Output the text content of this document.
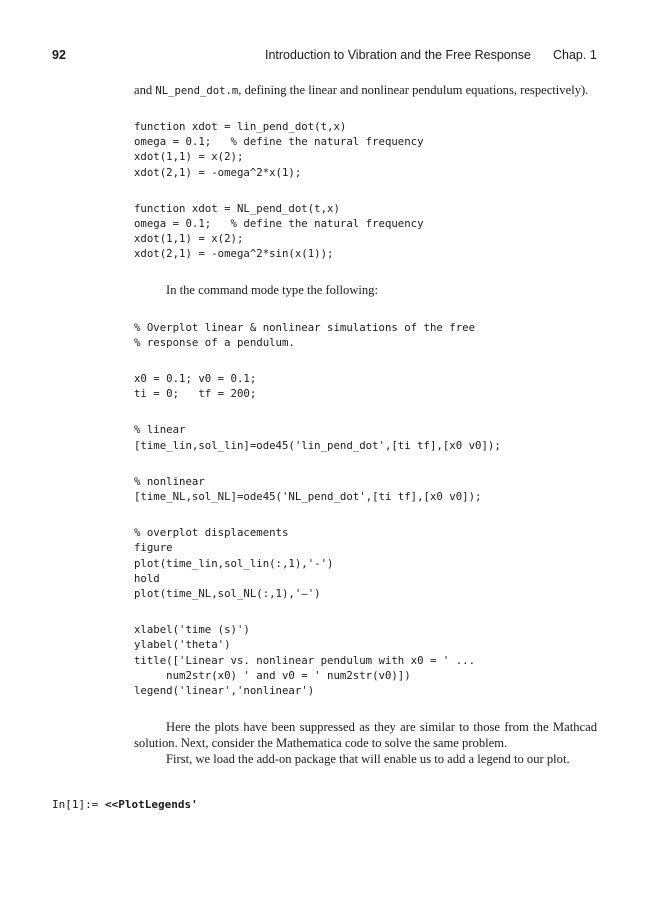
92	Introduction to Vibration and the Free Response Chap. 1

and NL_pend_dot.m, defining the linear and nonlinear pendulum equations, respectively).

function xdot = lin_pend_dot(t,x)
omega = 0.1;   % define the natural frequency
xdot(1,1) = x(2);
xdot(2,1) = -omega^2*x(1);
function xdot = NL_pend_dot(t,x)
omega = 0.1;   % define the natural frequency
xdot(1,1) = x(2);
xdot(2,1) = -omega^2*sin(x(1));

In the command mode type the following:

% Overplot linear & nonlinear simulations of the free
% response of a pendulum.
x0 = 0.1; v0 = 0.1;
ti = 0;   tf = 200;
% linear
[time_lin,sol_lin]=ode45('lin_pend_dot',[ti tf],[x0 v0]);
% nonlinear
[time_NL,sol_NL]=ode45('NL_pend_dot',[ti tf],[x0 v0]);
% overplot displacements
figure
plot(time_lin,sol_lin(:,1),'-')
hold
plot(time_NL,sol_NL(:,1),'—')
xlabel('time (s)')
ylabel('theta')
title(['Linear vs. nonlinear pendulum with x0 = ' ...
num2str(x0) ' and v0 = ' num2str(v0)])
legend('linear','nonlinear')

Here the plots have been suppressed as they are similar to those from the Mathcad solution. Next, consider the Mathematica code to solve the same problem.

First, we load the add-on package that will enable us to add a legend to our plot.

In[1]:= <<PlotLegends'
